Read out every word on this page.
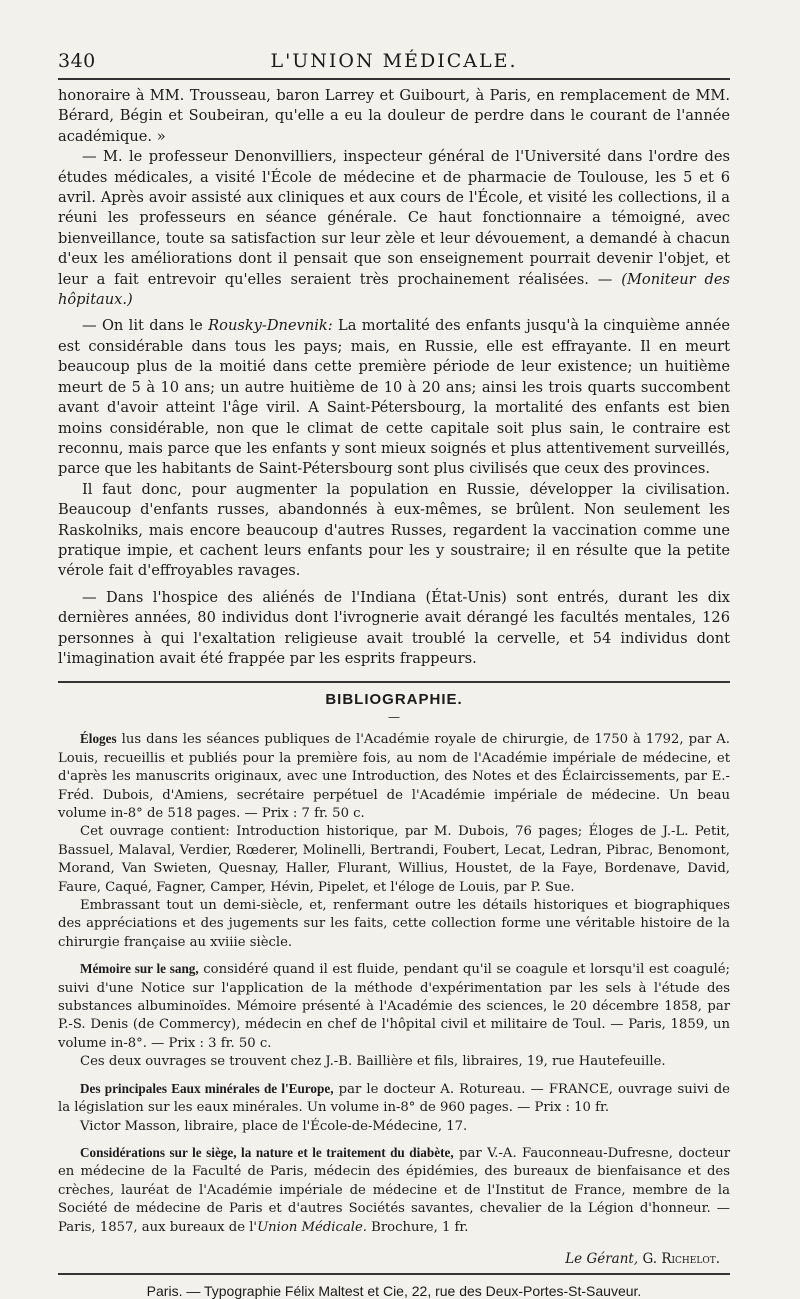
340	L'UNION MÉDICALE.

honoraire à MM. Trousseau, baron Larrey et Guibourt, à Paris, en remplacement de MM. Bérard, Bégin et Soubeiran, qu'elle a eu la douleur de perdre dans le courant de l'année académique. »

— M. le professeur Denonvilliers, inspecteur général de l'Université dans l'ordre des études médicales, a visité l'École de médecine et de pharmacie de Toulouse, les 5 et 6 avril. Après avoir assisté aux cliniques et aux cours de l'École, et visité les collections, il a réuni les professeurs en séance générale. Ce haut fonctionnaire a témoigné, avec bienveillance, toute sa satisfaction sur leur zèle et leur dévouement, a demandé à chacun d'eux les améliorations dont il pensait que son enseignement pourrait devenir l'objet, et leur a fait entrevoir qu'elles seraient très prochainement réalisées. — (Moniteur des hôpitaux.)

— On lit dans le Rousky-Dnevnik: La mortalité des enfants jusqu'à la cinquième année est considérable dans tous les pays; mais, en Russie, elle est effrayante. Il en meurt beaucoup plus de la moitié dans cette première période de leur existence; un huitième meurt de 5 à 10 ans; un autre huitième de 10 à 20 ans; ainsi les trois quarts succombent avant d'avoir atteint l'âge viril. A Saint-Pétersbourg, la mortalité des enfants est bien moins considérable, non que le climat de cette capitale soit plus sain, le contraire est reconnu, mais parce que les enfants y sont mieux soignés et plus attentivement surveillés, parce que les habitants de Saint-Pétersbourg sont plus civilisés que ceux des provinces.

Il faut donc, pour augmenter la population en Russie, développer la civilisation. Beaucoup d'enfants russes, abandonnés à eux-mêmes, se brûlent. Non seulement les Raskolniks, mais encore beaucoup d'autres Russes, regardent la vaccination comme une pratique impie, et cachent leurs enfants pour les y soustraire; il en résulte que la petite vérole fait d'effroyables ravages.

— Dans l'hospice des aliénés de l'Indiana (État-Unis) sont entrés, durant les dix dernières années, 80 individus dont l'ivrognerie avait dérangé les facultés mentales, 126 personnes à qui l'exaltation religieuse avait troublé la cervelle, et 54 individus dont l'imagination avait été frappée par les esprits frappeurs.

BIBLIOGRAPHIE.
—

Éloges lus dans les séances publiques de l'Académie royale de chirurgie, de 1750 à 1792, par A. Louis, recueillis et publiés pour la première fois, au nom de l'Académie impériale de médecine, et d'après les manuscrits originaux, avec une Introduction, des Notes et des Éclaircissements, par E.-Fréd. Dubois, d'Amiens, secrétaire perpétuel de l'Académie impériale de médecine. Un beau volume in-8° de 518 pages. — Prix : 7 fr. 50 c.

Cet ouvrage contient: Introduction historique, par M. Dubois, 76 pages; Éloges de J.-L. Petit, Bassuel, Malaval, Verdier, Rœderer, Molinelli, Bertrandi, Foubert, Lecat, Ledran, Pibrac, Benomont, Morand, Van Swieten, Quesnay, Haller, Flurant, Willius, Houstet, de la Faye, Bordenave, David, Faure, Caqué, Fagner, Camper, Hévin, Pipelet, et l'éloge de Louis, par P. Sue.

Embrassant tout un demi-siècle, et, renfermant outre les détails historiques et biographiques des appréciations et des jugements sur les faits, cette collection forme une véritable histoire de la chirurgie française au xviiie siècle.

Mémoire sur le sang, considéré quand il est fluide, pendant qu'il se coagule et lorsqu'il est coagulé; suivi d'une Notice sur l'application de la méthode d'expérimentation par les sels à l'étude des substances albuminoïdes. Mémoire présenté à l'Académie des sciences, le 20 décembre 1858, par P.-S. Denis (de Commercy), médecin en chef de l'hôpital civil et militaire de Toul. — Paris, 1859, un volume in-8°. — Prix : 3 fr. 50 c.

Ces deux ouvrages se trouvent chez J.-B. Baillière et fils, libraires, 19, rue Hautefeuille.

Des principales Eaux minérales de l'Europe, par le docteur A. Rotureau. — FRANCE, ouvrage suivi de la législation sur les eaux minérales. Un volume in-8° de 960 pages. — Prix : 10 fr.

Victor Masson, libraire, place de l'École-de-Médecine, 17.

Considérations sur le siège, la nature et le traitement du diabète, par V.-A. Fauconneau-Dufresne, docteur en médecine de la Faculté de Paris, médecin des épidémies, des bureaux de bienfaisance et des crèches, lauréat de l'Académie impériale de médecine et de l'Institut de France, membre de la Société de médecine de Paris et d'autres Sociétés savantes, chevalier de la Légion d'honneur. — Paris, 1857, aux bureaux de l'Union Médicale. Brochure, 1 fr.

Le Gérant, G. Richelot.
Paris. — Typographie Félix Maltest et Cie, 22, rue des Deux-Portes-St-Sauveur.
